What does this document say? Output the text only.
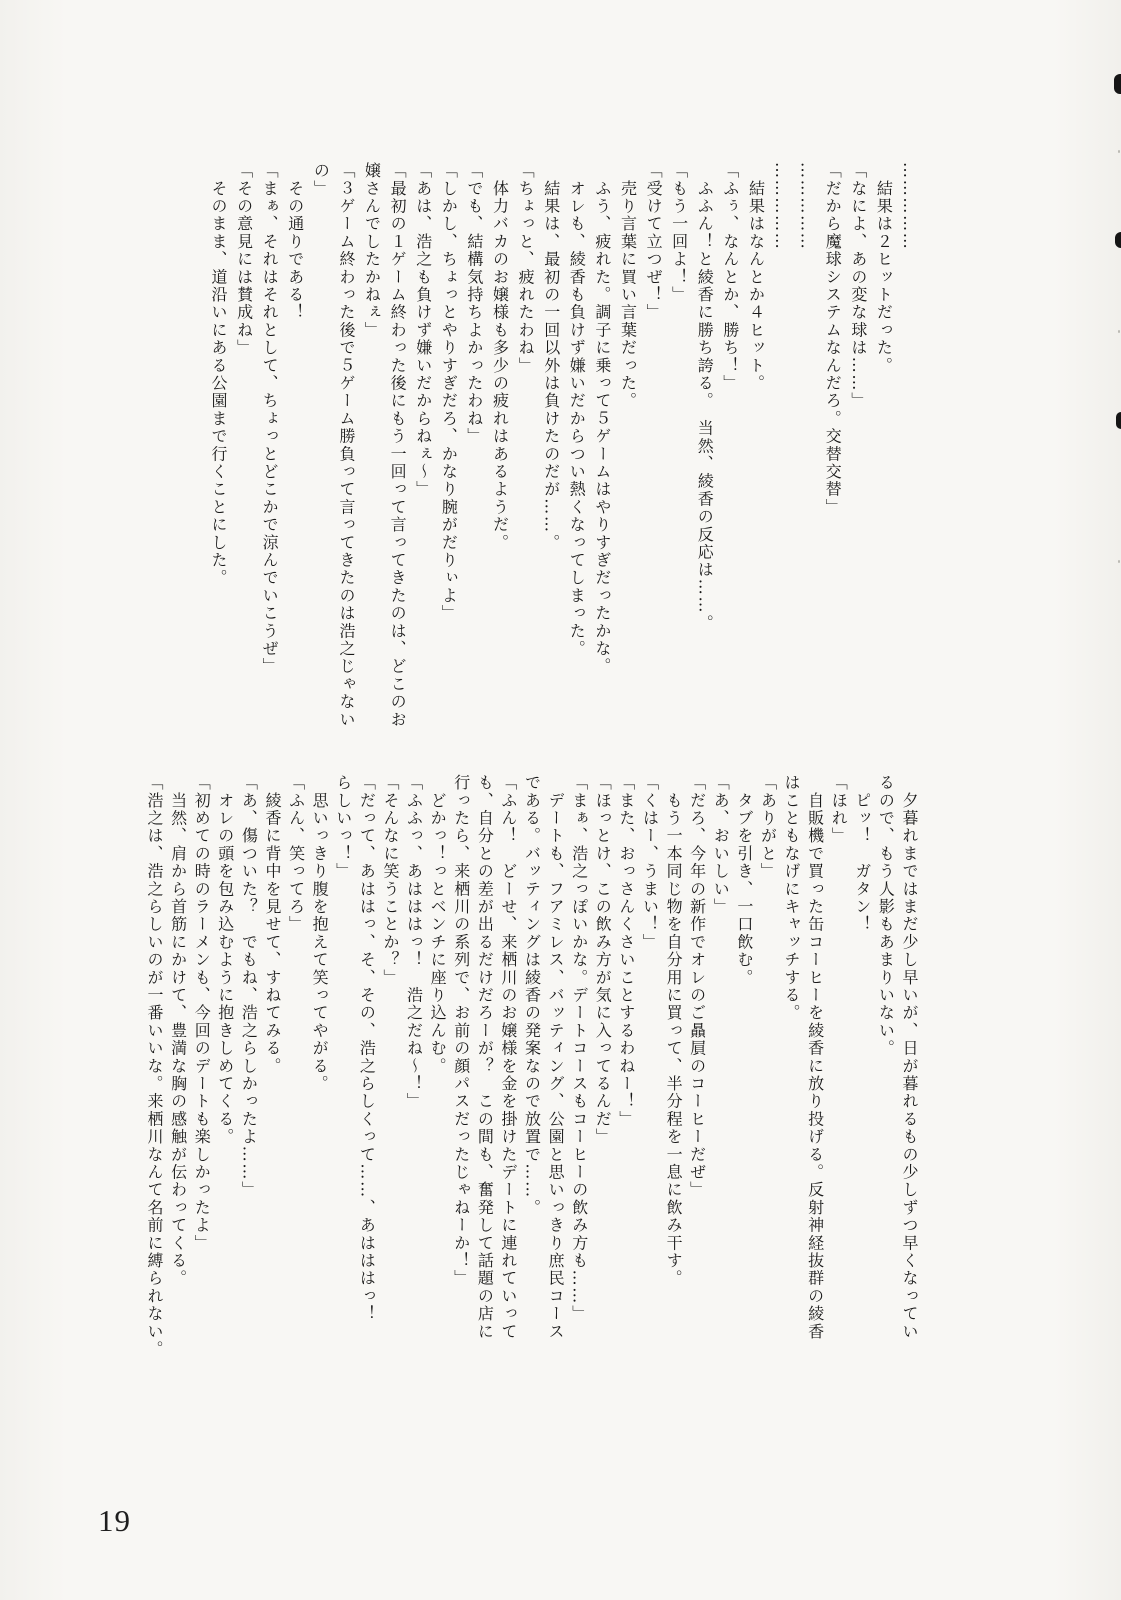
……………
　結果は２ヒットだった。
「なによ、あの変な球は……」
「だから魔球システムなんだろ。交替交替」
……………
……………
　結果はなんとか４ヒット。
「ふぅ、なんとか、勝ち！」
　ふふん！と綾香に勝ち誇る。　当然、綾香の反応は……。
「もう一回よ！」
「受けて立つぜ！」
　売り言葉に買い言葉だった。
　ふう、疲れた。調子に乗って５ゲームはやりすぎだったかな。
　オレも、綾香も負けず嫌いだからつい熱くなってしまった。
　結果は、最初の一回以外は負けたのだが……。
「ちょっと、疲れたわね」
　体力バカのお嬢様も多少の疲れはあるようだ。
「でも、結構気持ちよかったわね」
「しかし、ちょっとやりすぎだろ、かなり腕がだりぃよ」
「あは、浩之も負けず嫌いだからねぇ～」
「最初の１ゲーム終わった後にもう一回って言ってきたのは、どこのお
嬢さんでしたかねぇ」
「３ゲーム終わった後で５ゲーム勝負って言ってきたのは浩之じゃない
の」
　その通りである！
「まぁ、それはそれとして、ちょっとどこかで涼んでいこうぜ」
「その意見には賛成ね」
　そのまま、道沿いにある公園まで行くことにした。
　夕暮れまではまだ少し早いが、日が暮れるもの少しずつ早くなってい
るので、もう人影もあまりいない。
　ピッ！　ガタン！
「ほれ」
　自販機で買った缶コーヒーを綾香に放り投げる。反射神経抜群の綾香
はこともなげにキャッチする。
「ありがと」
　タブを引き、一口飲む。
「あ、おいしい」
「だろ、今年の新作でオレのご贔屓のコーヒーだぜ」
　もう一本同じ物を自分用に買って、半分程を一息に飲み干す。
「くはー、うまい！」
「また、おっさんくさいことするわねー！」
「ほっとけ、この飲み方が気に入ってるんだ」
「まぁ、浩之っぽいかな。デートコースもコーヒーの飲み方も……」
　デートも、フアミレス、バッティング、公園と思いっきり庶民コース
である。バッティングは綾香の発案なので放置で……。
「ふん！　どーせ、来栖川のお嬢様を金を掛けたデートに連れていって
も、自分との差が出るだけだろーが？　この間も、奮発して話題の店に
行ったら、来栖川の系列で、お前の顔パスだったじゃねーか！」
　どかっ！っとベンチに座り込んむ。
「ふふっ、あはははっ！　浩之だね～！」
「そんなに笑うことか？」
「だって、あははっ、そ、その、浩之らしくって……、あはははっ！
らしいっ！」
　思いっきり腹を抱えて笑ってやがる。
「ふん、笑ってろ」
　綾香に背中を見せて、すねてみる。
「あ、傷ついた？　でもね、浩之らしかったよ……」
　オレの頭を包み込むように抱きしめてくる。
「初めての時のラーメンも、今回のデートも楽しかったよ」
　当然、肩から首筋にかけて、豊満な胸の感触が伝わってくる。
「浩之は、浩之らしいのが一番いいな。来栖川なんて名前に縛られない。
19
